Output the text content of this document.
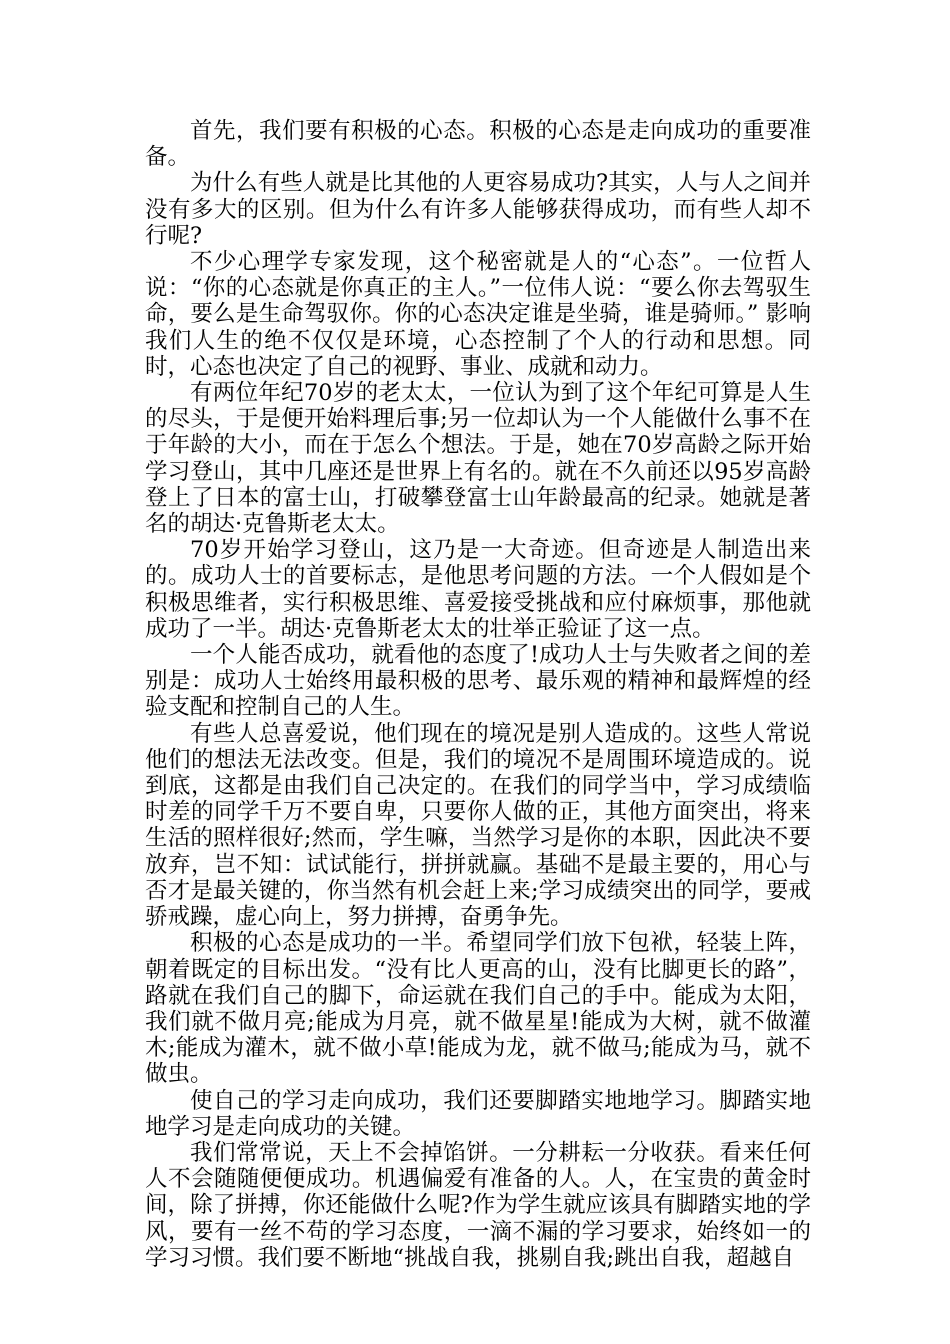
首先，我们要有积极的心态。积极的心态是走向成功的重要准备。

为什么有些人就是比其他的人更容易成功?其实，人与人之间并没有多大的区别。但为什么有许多人能够获得成功，而有些人却不行呢?

不少心理学专家发现，这个秘密就是人的“心态”。一位哲人说：“你的心态就是你真正的主人。”一位伟人说：“要么你去驾驭生命，要么是生命驾驭你。你的心态决定谁是坐骑，谁是骑师。” 影响我们人生的绝不仅仅是环境，心态控制了个人的行动和思想。同时，心态也决定了自己的视野、事业、成就和动力。

有两位年纪70岁的老太太，一位认为到了这个年纪可算是人生的尽头，于是便开始料理后事;另一位却认为一个人能做什么事不在于年龄的大小，而在于怎么个想法。于是，她在70岁高龄之际开始学习登山，其中几座还是世界上有名的。就在不久前还以95岁高龄登上了日本的富士山，打破攀登富士山年龄最高的纪录。她就是著名的胡达·克鲁斯老太太。

70岁开始学习登山，这乃是一大奇迹。但奇迹是人制造出来的。成功人士的首要标志，是他思考问题的方法。一个人假如是个积极思维者，实行积极思维、喜爱接受挑战和应付麻烦事，那他就成功了一半。胡达·克鲁斯老太太的壮举正验证了这一点。

一个人能否成功，就看他的态度了!成功人士与失败者之间的差别是：成功人士始终用最积极的思考、最乐观的精神和最辉煌的经验支配和控制自己的人生。

有些人总喜爱说，他们现在的境况是别人造成的。这些人常说他们的想法无法改变。但是，我们的境况不是周围环境造成的。说到底，这都是由我们自己决定的。在我们的同学当中，学习成绩临时差的同学千万不要自卑，只要你人做的正，其他方面突出，将来生活的照样很好;然而，学生嘛，当然学习是你的本职，因此决不要放弃，岂不知：试试能行，拼拼就赢。基础不是最主要的，用心与否才是最关键的，你当然有机会赶上来;学习成绩突出的同学，要戒骄戒躁，虚心向上，努力拼搏，奋勇争先。

积极的心态是成功的一半。希望同学们放下包袱，轻装上阵，朝着既定的目标出发。“没有比人更高的山，没有比脚更长的路”，路就在我们自己的脚下，命运就在我们自己的手中。能成为太阳，我们就不做月亮;能成为月亮，就不做星星!能成为大树，就不做灌木;能成为灌木，就不做小草!能成为龙，就不做马;能成为马，就不做虫。

使自己的学习走向成功，我们还要脚踏实地地学习。脚踏实地地学习是走向成功的关键。

我们常常说，天上不会掉馅饼。一分耕耘一分收获。看来任何人不会随随便便成功。机遇偏爱有准备的人。人，在宝贵的黄金时间，除了拼搏，你还能做什么呢?作为学生就应该具有脚踏实地的学风，要有一丝不苟的学习态度，一滴不漏的学习要求，始终如一的学习习惯。我们要不断地“挑战自我，挑剔自我;跳出自我，超越自
